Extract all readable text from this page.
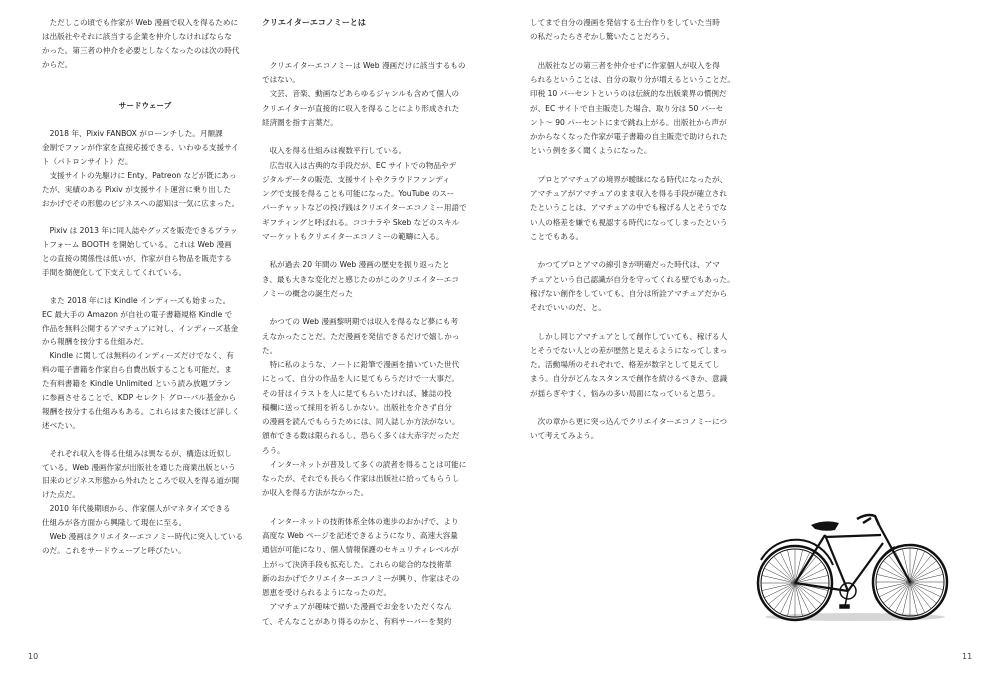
　ただしこの頃でも作家が Web 漫画で収入を得るために
は出版社やそれに該当する企業を仲介しなければならな
かった。第三者の仲介を必要としなくなったのは次の時代
からだ。
サードウェーブ
　2018 年、Pixiv FANBOX がローンチした。月額課
金制でファンが作家を直接応援できる、いわゆる支援サイ
ト（パトロンサイト）だ。
　支援サイトの先駆けに Enty、Patreon などが既にあっ
たが、実績のある Pixiv が支援サイト運営に乗り出した
おかげでその形態のビジネスへの認知は一気に広まった。
　Pixiv は 2013 年に同人誌やグッズを販売できるプラッ
トフォーム BOOTH を開始している。これは Web 漫画
との直接の関係性は低いが、作家が自ら物品を販売する
手間を簡便化して下支えしてくれている。
　また 2018 年には Kindle インディーズも始まった。
EC 最大手の Amazon が自社の電子書籍規格 Kindle で
作品を無料公開するアマチュアに対し、インディーズ基金
から報酬を按分する仕組みだ。
　Kindle に関しては無料のインディーズだけでなく、有
料の電子書籍を作家自ら自費出版することも可能だ。ま
た有料書籍を Kindle Unlimited という読み放題プラン
に参画させることで、KDP セレクト グローバル基金から
報酬を按分する仕組みもある。これらはまた後ほど詳しく
述べたい。
　それぞれ収入を得る仕組みは異なるが、構造は近似し
ている。Web 漫画作家が出版社を通じた商業出版という
旧来のビジネス形態から外れたところで収入を得る道が開
けた点だ。
　2010 年代後期頃から、作家個人がマネタイズできる
仕組みが各方面から興隆して現在に至る。
　Web 漫画はクリエイターエコノミー時代に突入している
のだ。これをサードウェーブと呼びたい。
クリエイターエコノミーとは
　クリエイターエコノミーは Web 漫画だけに該当するもの
ではない。
　文芸、音楽、動画などあらゆるジャンルも含めて個人の
クリエイターが直接的に収入を得ることにより形成された
経済圏を指す言葉だ。
　収入を得る仕組みは複数平行している。
　広告収入は古典的な手段だが、EC サイトでの物品やデ
ジタルデータの販売、支援サイトやクラウドファンディ
ングで支援を得ることも可能になった。YouTube のスー
パーチャットなどの投げ銭はクリエイターエコノミー用語で
ギフティングと呼ばれる。ココナラや Skeb などのスキル
マーケットもクリエイターエコノミーの範疇に入る。
　私が過去 20 年間の Web 漫画の歴史を振り返ったと
き、最も大きな変化だと感じたのがこのクリエイターエコ
ノミーの概念の誕生だった
　かつての Web 漫画黎明期では収入を得るなど夢にも考
えなかったことだ。ただ漫画を発信できるだけで嬉しかっ
た。
　特に私のような、ノートに鉛筆で漫画を描いていた世代
にとって、自分の作品を人に見てもらうだけで一大事だ。
その昔はイラストを人に見てもらいたければ、雑誌の投
稿欄に送って採用を祈るしかない。出版社を介さず自分
の漫画を読んでもらうためには、同人誌しか方法がない。
頒布できる数は限られるし、恐らく多くは大赤字だっただ
ろう。
　インターネットが普及して多くの読者を得ることは可能に
なったが、それでも長らく作家は出版社に拾ってもらうし
か収入を得る方法がなかった。
　インターネットの技術体系全体の進歩のおかげで、より
高度な Web ページを記述できるようになり、高速大容量
通信が可能になり、個人情報保護のセキュリティレベルが
上がって決済手段も拡充した。これらの総合的な技術革
新のおかげでクリエイターエコノミーが興り、作家はその
恩恵を受けられるようになったのだ。
　アマチュアが趣味で描いた漫画でお金をいただくなん
て、そんなことがあり得るのかと、有料サーバーを契約
してまで自分の漫画を発信する土台作りをしていた当時
の私だったらさぞかし驚いたことだろう。
　出版社などの第三者を仲介せずに作家個人が収入を得
られるということは、自分の取り分が増えるということだ。
印税 10 パーセントというのは伝統的な出版業界の慣例だ
が、EC サイトで自主販売した場合、取り分は 50 パーセ
ント～ 90 パーセントにまで跳ね上がる。出版社から声が
かからなくなった作家が電子書籍の自主販売で助けられた
という例を多く聞くようになった。
　プロとアマチュアの境界が曖昧になる時代になったが、
アマチュアがアマチュアのまま収入を得る手段が確立され
たということは、アマチュアの中でも稼げる人とそうでな
い人の格差を嫌でも視認する時代になってしまったという
ことでもある。
　かつてプロとアマの線引きが明確だった時代は、アマ
チュアという自己認識が自分を守ってくれる壁でもあった。
稼げない創作をしていても、自分は所詮アマチュアだから
それでいいのだ、と。
　しかし同じアマチュアとして創作していても、稼げる人
とそうでない人との差が歴然と見えるようになってしまっ
た。活動場所のそれぞれで、格差が数字として見えてし
まう。自分がどんなスタンスで創作を続けるべきか、意識
が揺らぎやすく、悩みの多い局面になっていると思う。
　次の章から更に突っ込んでクリエイターエコノミーにつ
いて考えてみよう。
10	11
